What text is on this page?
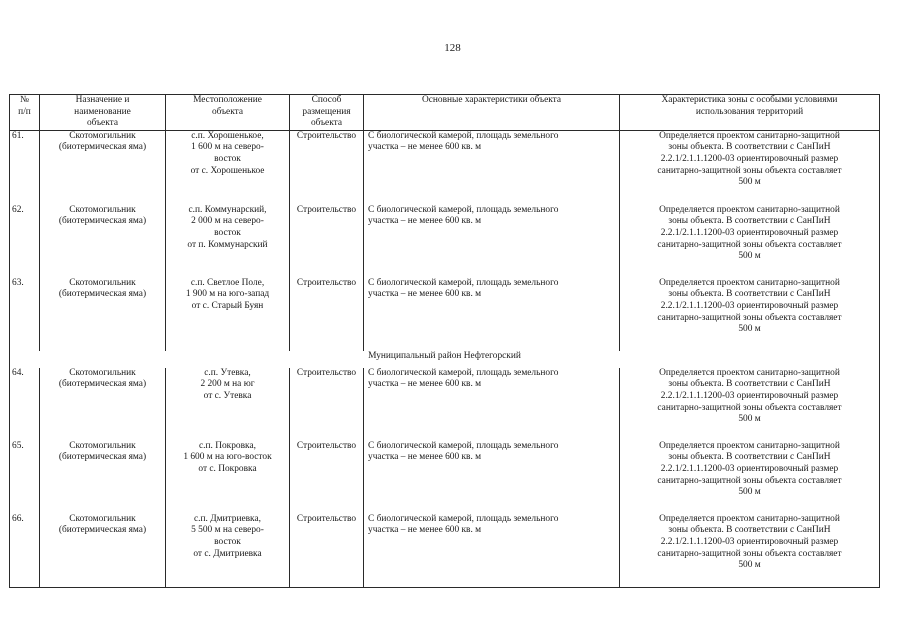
128
№
п/п	Назначение и
наименование
объекта	Местоположение
объекта	Способ
размещения
объекта	Основные характеристики объекта	Характеристика зоны с особыми условиями
использования территорий

61.	Скотомогильник
(биотермическая яма)	с.п. Хорошенькое,
1 600 м на северо-
восток
от с. Хорошенькое	Строительство	С биологической камерой, площадь земельного
участка – не менее 600 кв. м	Определяется проектом санитарно-защитной
зоны объекта. В соответствии с СанПиН
2.2.1/2.1.1.1200-03 ориентировочный размер
санитарно-защитной зоны объекта составляет
500 м

62.	Скотомогильник
(биотермическая яма)	с.п. Коммунарский,
2 000 м на северо-
восток
от п. Коммунарский	Строительство	С биологической камерой, площадь земельного
участка – не менее 600 кв. м	Определяется проектом санитарно-защитной
зоны объекта. В соответствии с СанПиН
2.2.1/2.1.1.1200-03 ориентировочный размер
санитарно-защитной зоны объекта составляет
500 м

63.	Скотомогильник
(биотермическая яма)	с.п. Светлое Поле,
1 900 м на юго-запад
от с. Старый Буян	Строительство	С биологической камерой, площадь земельного
участка – не менее 600 кв. м	Определяется проектом санитарно-защитной
зоны объекта. В соответствии с СанПиН
2.2.1/2.1.1.1200-03 ориентировочный размер
санитарно-защитной зоны объекта составляет
500 м

Муниципальный район Нефтегорский					
64.	Скотомогильник
(биотермическая яма)	с.п. Утевка,
2 200 м на юг
от с. Утевка	Строительство	С биологической камерой, площадь земельного
участка – не менее 600 кв. м	Определяется проектом санитарно-защитной
зоны объекта. В соответствии с СанПиН
2.2.1/2.1.1.1200-03 ориентировочный размер
санитарно-защитной зоны объекта составляет
500 м

65.	Скотомогильник
(биотермическая яма)	с.п. Покровка,
1 600 м на юго-восток
от с. Покровка	Строительство	С биологической камерой, площадь земельного
участка – не менее 600 кв. м	Определяется проектом санитарно-защитной
зоны объекта. В соответствии с СанПиН
2.2.1/2.1.1.1200-03 ориентировочный размер
санитарно-защитной зоны объекта составляет
500 м

66.	Скотомогильник
(биотермическая яма)	с.п. Дмитриевка,
5 500 м на северо-
восток
от с. Дмитриевка	Строительство	С биологической камерой, площадь земельного
участка – не менее 600 кв. м	Определяется проектом санитарно-защитной
зоны объекта. В соответствии с СанПиН
2.2.1/2.1.1.1200-03 ориентировочный размер
санитарно-защитной зоны объекта составляет
500 м
